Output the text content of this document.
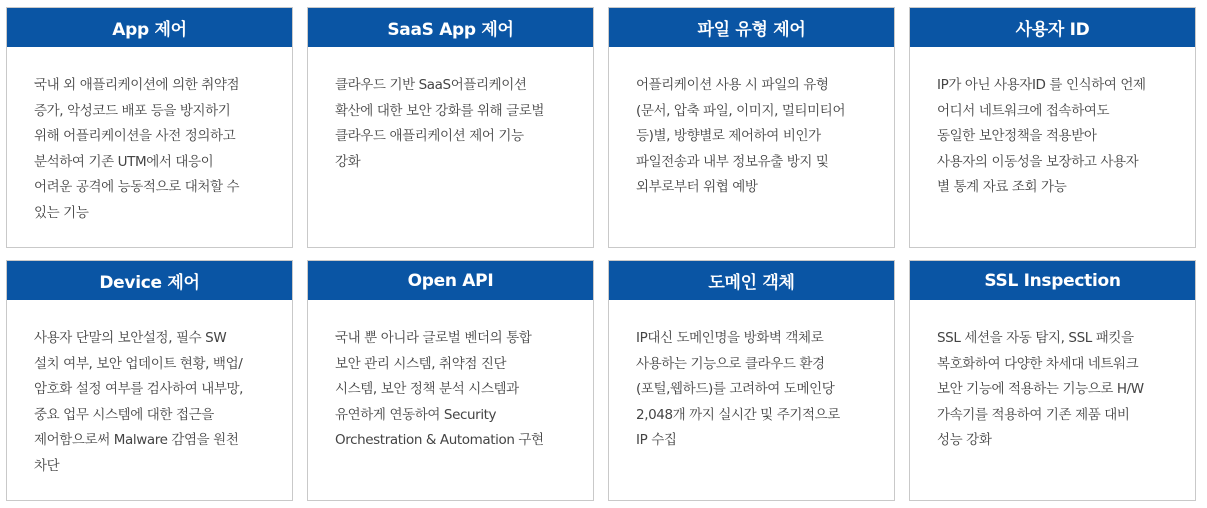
App 제어
국내 외 애플리케이션에 의한 취약점
증가, 악성코드 배포 등을 방지하기
위해 어플리케이션을 사전 정의하고
분석하여 기존 UTM에서 대응이
어려운 공격에 능동적으로 대처할 수
있는 기능
SaaS App 제어
클라우드 기반 SaaS어플리케이션
확산에 대한 보안 강화를 위해 글로벌
클라우드 애플리케이션 제어 기능
강화
파일 유형 제어
어플리케이션 사용 시 파일의 유형
(문서, 압축 파일, 이미지, 멀티미티어
등)별, 방향별로 제어하여 비인가
파일전송과 내부 정보유출 방지 및
외부로부터 위협 예방
사용자 ID
IP가 아닌 사용자ID 를 인식하여 언제
어디서 네트워크에 접속하여도
동일한 보안정책을 적용받아
사용자의 이동성을 보장하고 사용자
별 통계 자료 조회 가능
Device 제어
사용자 단말의 보안설정, 필수 SW
설치 여부, 보안 업데이트 현황, 백업/
암호화 설정 여부를 검사하여 내부망,
중요 업무 시스템에 대한 접근을
제어함으로써 Malware 감염을 원천
차단
Open API
국내 뿐 아니라 글로벌 벤더의 통합
보안 관리 시스템, 취약점 진단
시스템, 보안 정책 분석 시스템과
유연하게 연동하여 Security
Orchestration & Automation 구현
도메인 객체
IP대신 도메인명을 방화벽 객체로
사용하는 기능으로 클라우드 환경
(포털,웹하드)를 고려하여 도메인당
2,048개 까지 실시간 및 주기적으로
IP 수집
SSL Inspection
SSL 세션을 자동 탐지, SSL 패킷을
복호화하여 다양한 차세대 네트워크
보안 기능에 적용하는 기능으로 H/W
가속기를 적용하여 기존 제품 대비
성능 강화
